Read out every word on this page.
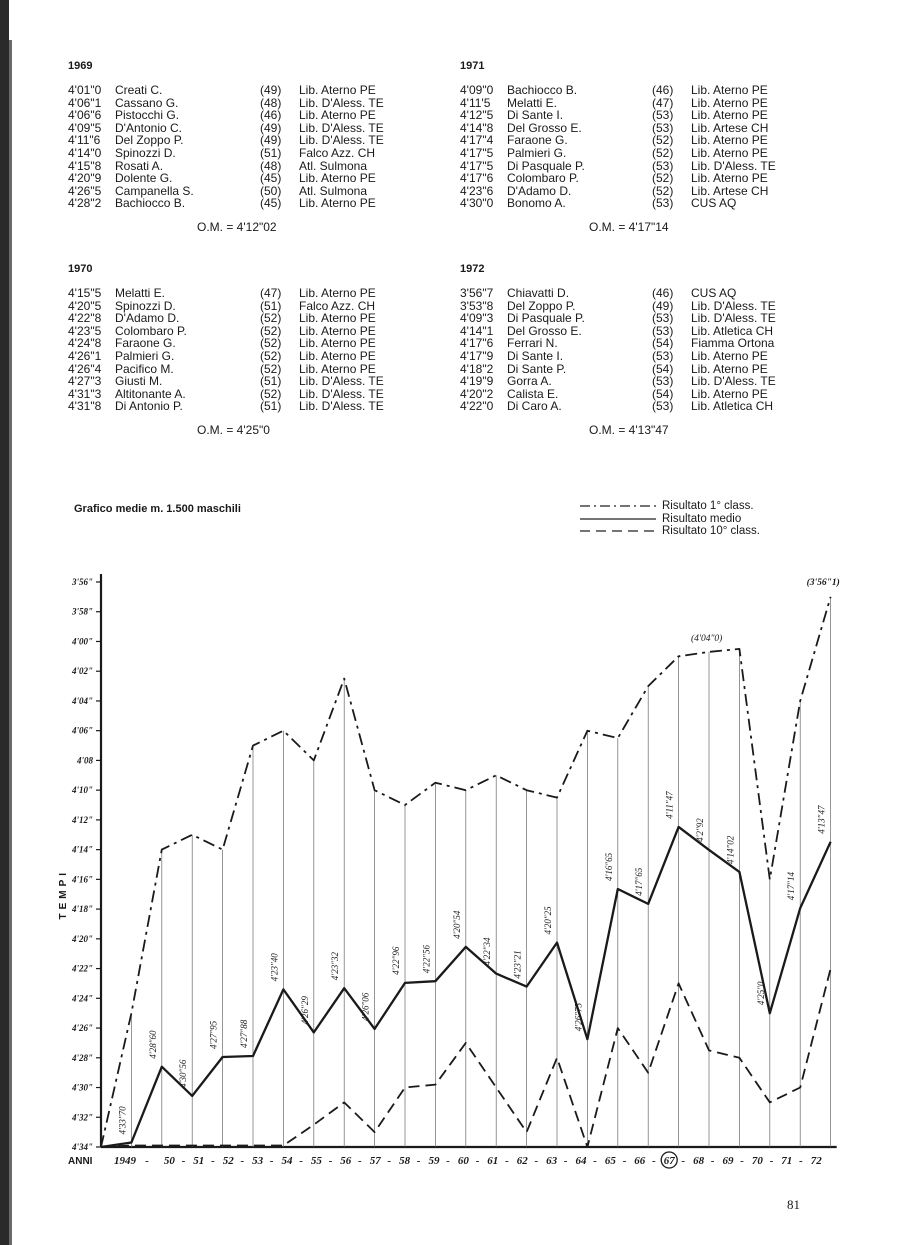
1969
4'01"0 Creati C.	(49) Lib. Aterno PE
4'06"1 Cassano G.	(48) Lib. D'Aless. TE
4'06"6 Pistocchi G.	(46) Lib. Aterno PE
4'09"5 D'Antonio C.	(49) Lib. D'Aless. TE
4'11"6 Del Zoppo P.	(49) Lib. D'Aless. TE
4'14"0 Spinozzi D.	(51) Falco Azz. CH
4'15"8 Rosati A.	(48) Atl. Sulmona
4'20"9 Dolente G.	(45) Lib. Aterno PE
4'26"5 Campanella S.	(50) Atl. Sulmona
4'28"2 Bachiocco B.	(45) Lib. Aterno PE
O.M. = 4'12"02
1971
4'09"0 Bachiocco B.	(46) Lib. Aterno PE
4'11'5 Melatti E.	(47) Lib. Aterno PE
4'12"5 Di Sante I.	(53) Lib. Aterno PE
4'14"8 Del Grosso E.	(53) Lib. Artese CH
4'17"4 Faraone G.	(52) Lib. Aterno PE
4'17"5 Palmieri G.	(52) Lib. Aterno PE
4'17"5 Di Pasquale P.	(53) Lib. D'Aless. TE
4'17"6 Colombaro P.	(52) Lib. Aterno PE
4'23"6 D'Adamo D.	(52) Lib. Artese CH
4'30"0 Bonomo A.	(53) CUS AQ
O.M. = 4'17"14
1970
4'15"5 Melatti E.	(47) Lib. Aterno PE
4'20"5 Spinozzi D.	(51) Falco Azz. CH
4'22"8 D'Adamo D.	(52) Lib. Aterno PE
4'23"5 Colombaro P.	(52) Lib. Aterno PE
4'24"8 Faraone G.	(52) Lib. Aterno PE
4'26"1 Palmieri G.	(52) Lib. Aterno PE
4'26"4 Pacifico M.	(52) Lib. Aterno PE
4'27"3 Giusti M.	(51) Lib. D'Aless. TE
4'31"3 Altitonante A.	(52) Lib. D'Aless. TE
4'31"8 Di Antonio P.	(51) Lib. D'Aless. TE
O.M. = 4'25"0
1972
3'56"7 Chiavatti D.	(46) CUS AQ
3'53"8 Del Zoppo P.	(49) Lib. D'Aless. TE
4'09"3 Di Pasquale P.	(53) Lib. D'Aless. TE
4'14"1 Del Grosso E.	(53) Lib. Atletica CH
4'17"6 Ferrari N.	(54) Fiamma Ortona
4'17"9 Di Sante I.	(53) Lib. Aterno PE
4'18"2 Di Sante P.	(54) Lib. Aterno PE
4'19"9 Gorra A.	(53) Lib. D'Aless. TE
4'20"2 Calista E.	(54) Lib. Aterno PE
4'22"0 Di Caro A.	(53) Lib. Atletica CH
O.M. = 4'13"47
Grafico medie m. 1.500 maschili	Risultato 1° class.
Risultato medio
Risultato 10° class.
3'56"
3'58"
4'00"
4'02"
4'04"
4'06"
4'08
4'10"
4'12"
4'14"
4'16"
4'18"
4'20"
4'22"
4'24"
4'26"
4'28"
4'30"
4'32"
4'34"
TEMPI
4'33"70
4'28"60
4'30"56
4'27"95 4'27"88
4'23"40
4'26"29
4'23"32
4'26"06
4'22"96 4'22"56
4'20"54
4'22"34 4'23"21
4'20"25
4'26"75
4'16"65
4'17"65
4'11"47
4'2"92
4'14"02
4'25"0
4'17"14
4'13"47
(4'04"0)
(3'56"1)
ANNI 1949 - 50 - 51 - 52 - 53 - 54 - 55 - 56 - 57 - 58 - 59 - 60 - 61 - 62 - 63 - 64 - 65 - 66 - 67 - 68 - 69 - 70 - 71 - 72
81
